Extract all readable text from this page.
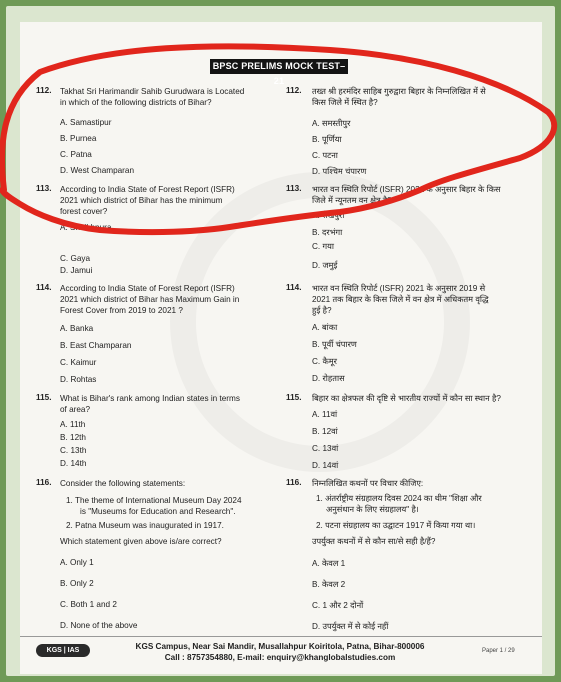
BPSC PRELIMS MOCK TEST–21
112. Takhat Sri Harimandir Sahib Gurudwara is Located
in which of the following districts of Bihar?
A. Samastipur
B. Purnea
C. Patna
D. West Champaran
112. तख्त श्री हरमंदिर साहिब गुरुद्वारा बिहार के निम्नलिखित में से
किस जिले में स्थित है?
A. समस्तीपुर
B. पूर्णिया
C. पटना
D. पश्चिम चंपारण
113. According to India State of Forest Report (ISFR)
2021 which district of Bihar has the minimum
forest cover?
A. Sheikhpura
C. Gaya
D. Jamui
113. भारत वन स्थिति रिपोर्ट (ISFR) 2021 के अनुसार बिहार के किस
जिले में न्यूनतम वन क्षेत्र है?
A. शेखपुरा
B. दरभंगा
C. गया
D. जमुई
114. According to India State of Forest Report (ISFR)
2021 which district of Bihar has Maximum Gain in
Forest Cover from 2019 to 2021 ?
A. Banka
B. East Champaran
C. Kaimur
D. Rohtas
114. भारत वन स्थिति रिपोर्ट (ISFR) 2021 के अनुसार 2019 से
2021 तक बिहार के किस जिले में वन क्षेत्र में अधिकतम वृद्धि
हुई है?
A. बांका
B. पूर्वी चंपारण
C. कैमूर
D. रोहतास
115. What is Bihar's rank among Indian states in terms
of area?
A. 11th
B. 12th
C. 13th
D. 14th
115. बिहार का क्षेत्रफल की दृष्टि से भारतीय राज्यों में कौन सा स्थान है?
A. 11वां
B. 12वां
C. 13वां
D. 14वां
116. Consider the following statements:
1. The theme of International Museum Day 2024
is "Museums for Education and Research".
2. Patna Museum was inaugurated in 1917.
Which statement given above is/are correct?
A. Only 1
B. Only 2
C. Both 1 and 2
D. None of the above
116. निम्नलिखित कथनों पर विचार कीजिए:
1. अंतर्राष्ट्रीय संग्रहालय दिवस 2024 का थीम "शिक्षा और
अनुसंधान के लिए संग्रहालय" है।
2. पटना संग्रहालय का उद्घाटन 1917 में किया गया था।
उपर्युक्त कथनों में से कौन सा/से सही है/हैं?
A. केवल 1
B. केवल 2
C. 1 और 2 दोनों
D. उपर्युक्त में से कोई नहीं
KGS | IAS	KGS Campus, Near Sai Mandir, Musallahpur Koiritola, Patna, Bihar-800006
Call : 8757354880, E-mail: enquiry@khanglobalstudies.com
Paper 1 / 29
